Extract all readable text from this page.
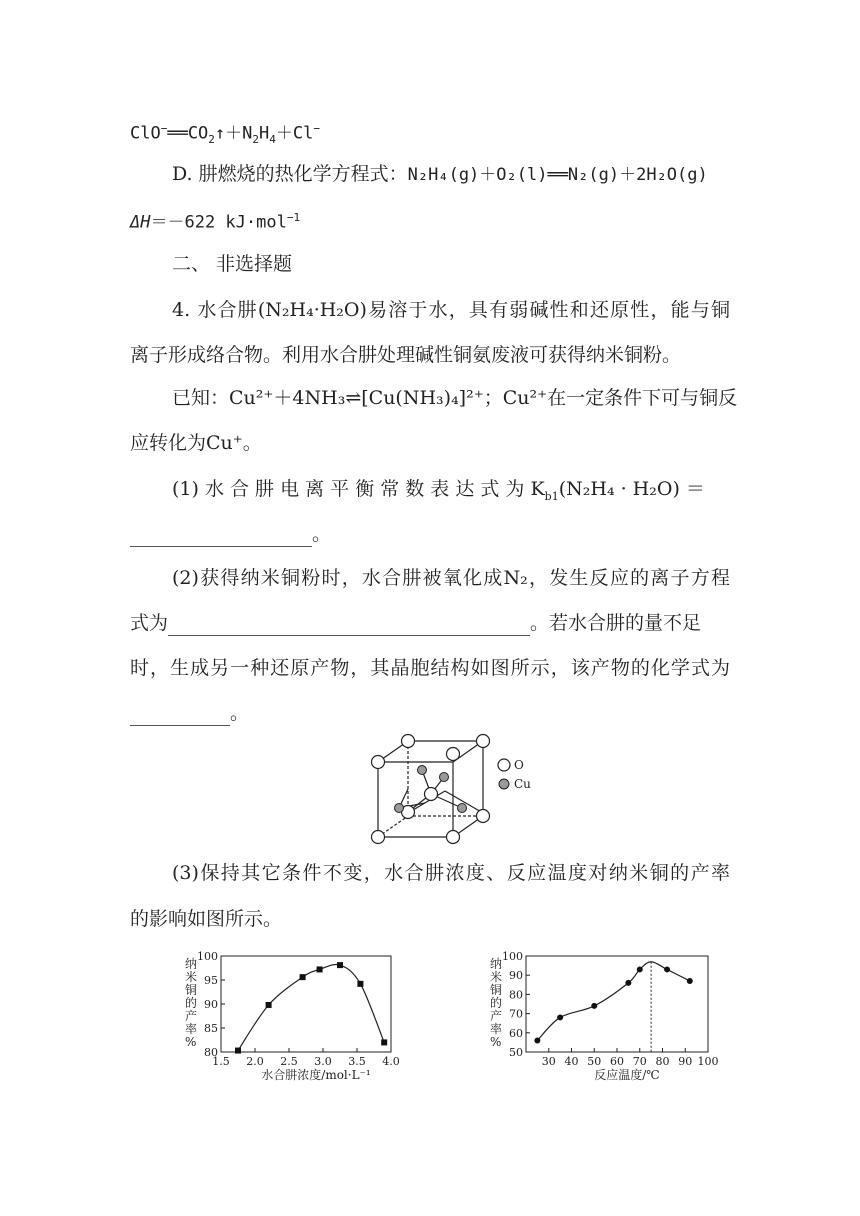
$ClO^-══CO_2↑+N_2H_4+Cl^-$
D. 肼燃烧的热化学方程式：N₂H₄(g)＋O₂(l)══N₂(g)＋2H₂O(g)
ΔH＝－622 kJ·mol$^{-1}$
二、 非选择题
4. 水合肼(N₂H₄·H₂O)易溶于水，具有弱碱性和还原性，能与铜
离子形成络合物。利用水合肼处理碱性铜氨废液可获得纳米铜粉。
已知：Cu²⁺＋4NH₃⇌[Cu(NH₃)₄]²⁺；Cu²⁺在一定条件下可与铜反
应转化为Cu⁺。
(1) 水 合 肼 电 离 平 衡 常 数 表 达 式 为 $K_{b1}(N_2H_4 \cdot H_2O)$ ＝
。
(2)获得纳米铜粉时，水合肼被氧化成N₂，发生反应的离子方程
式为	。若水合肼的量不足
时，生成另一种还原产物，其晶胞结构如图所示，该产物的化学式为
。
O
Cu
(3)保持其它条件不变，水合肼浓度、反应温度对纳米铜的产率
的影响如图所示。
纳米铜的产率%
水合肼浓度/mol·L⁻¹
1.5 2.0 2.5 3.0 3.5 4.0
80
85
90
95
100
纳米铜的产率%
反应温度/℃
30 40 50 60 70 80 90 100
50
60
70
80
90
100
